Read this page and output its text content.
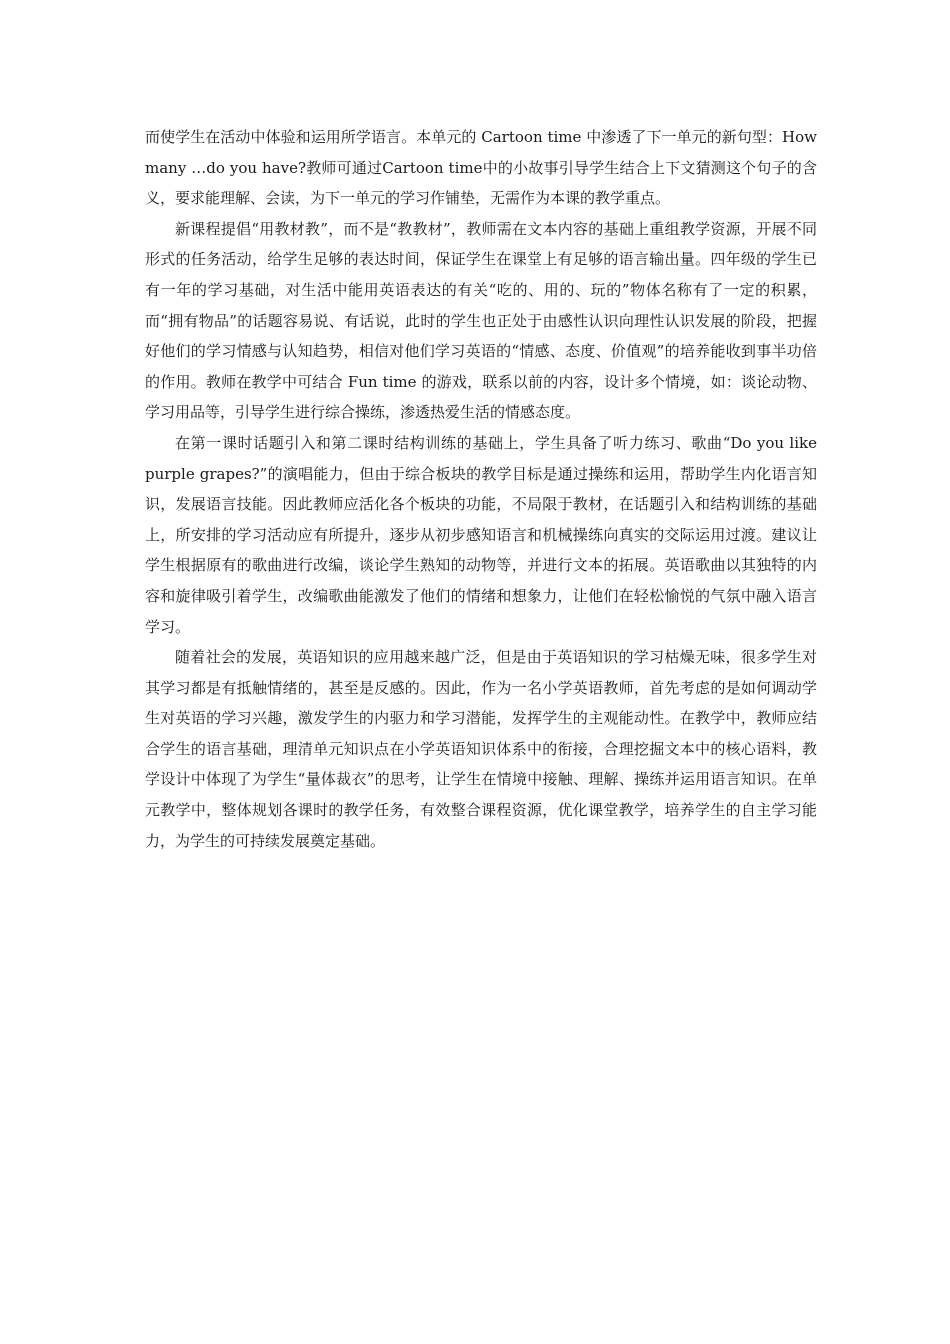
而使学生在活动中体验和运用所学语言。本单元的 Cartoon time 中渗透了下一单元的新句型：How many …do you have?教师可通过Cartoon time中的小故事引导学生结合上下文猜测这个句子的含义，要求能理解、会读，为下一单元的学习作铺垫，无需作为本课的教学重点。

新课程提倡“用教材教”，而不是“教教材”，教师需在文本内容的基础上重组教学资源，开展不同形式的任务活动，给学生足够的表达时间，保证学生在课堂上有足够的语言输出量。四年级的学生已有一年的学习基础，对生活中能用英语表达的有关“吃的、用的、玩的”物体名称有了一定的积累，而“拥有物品”的话题容易说、有话说，此时的学生也正处于由感性认识向理性认识发展的阶段，把握好他们的学习情感与认知趋势，相信对他们学习英语的“情感、态度、价值观”的培养能收到事半功倍的作用。教师在教学中可结合 Fun time 的游戏，联系以前的内容，设计多个情境，如：谈论动物、学习用品等，引导学生进行综合操练，渗透热爱生活的情感态度。

在第一课时话题引入和第二课时结构训练的基础上，学生具备了听力练习、歌曲“Do you like purple grapes?”的演唱能力，但由于综合板块的教学目标是通过操练和运用，帮助学生内化语言知识，发展语言技能。因此教师应活化各个板块的功能，不局限于教材，在话题引入和结构训练的基础上，所安排的学习活动应有所提升，逐步从初步感知语言和机械操练向真实的交际运用过渡。建议让学生根据原有的歌曲进行改编，谈论学生熟知的动物等，并进行文本的拓展。英语歌曲以其独特的内容和旋律吸引着学生，改编歌曲能激发了他们的情绪和想象力，让他们在轻松愉悦的气氛中融入语言学习。

随着社会的发展，英语知识的应用越来越广泛，但是由于英语知识的学习枯燥无味，很多学生对其学习都是有抵触情绪的，甚至是反感的。因此，作为一名小学英语教师，首先考虑的是如何调动学生对英语的学习兴趣，激发学生的内驱力和学习潜能，发挥学生的主观能动性。在教学中，教师应结合学生的语言基础，理清单元知识点在小学英语知识体系中的衔接，合理挖掘文本中的核心语料，教学设计中体现了为学生“量体裁衣”的思考，让学生在情境中接触、理解、操练并运用语言知识。在单元教学中，整体规划各课时的教学任务，有效整合课程资源，优化课堂教学，培养学生的自主学习能力，为学生的可持续发展奠定基础。
